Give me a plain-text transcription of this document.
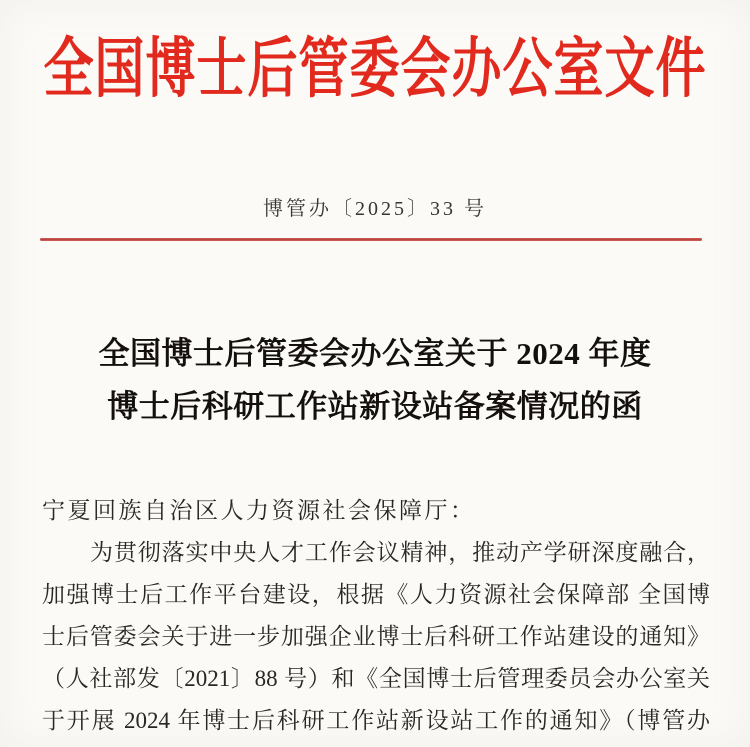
全国博士后管委会办公室文件
博管办〔2025〕33 号
全国博士后管委会办公室关于 2024 年度
博士后科研工作站新设站备案情况的函
宁夏回族自治区人力资源社会保障厅：
为贯彻落实中央人才工作会议精神，推动产学研深度融合，
加强博士后工作平台建设，根据《人力资源社会保障部 全国博
士后管委会关于进一步加强企业博士后科研工作站建设的通知》
（人社部发〔2021〕88 号）和《全国博士后管理委员会办公室关
于开展 2024 年博士后科研工作站新设站工作的通知》（博管办
